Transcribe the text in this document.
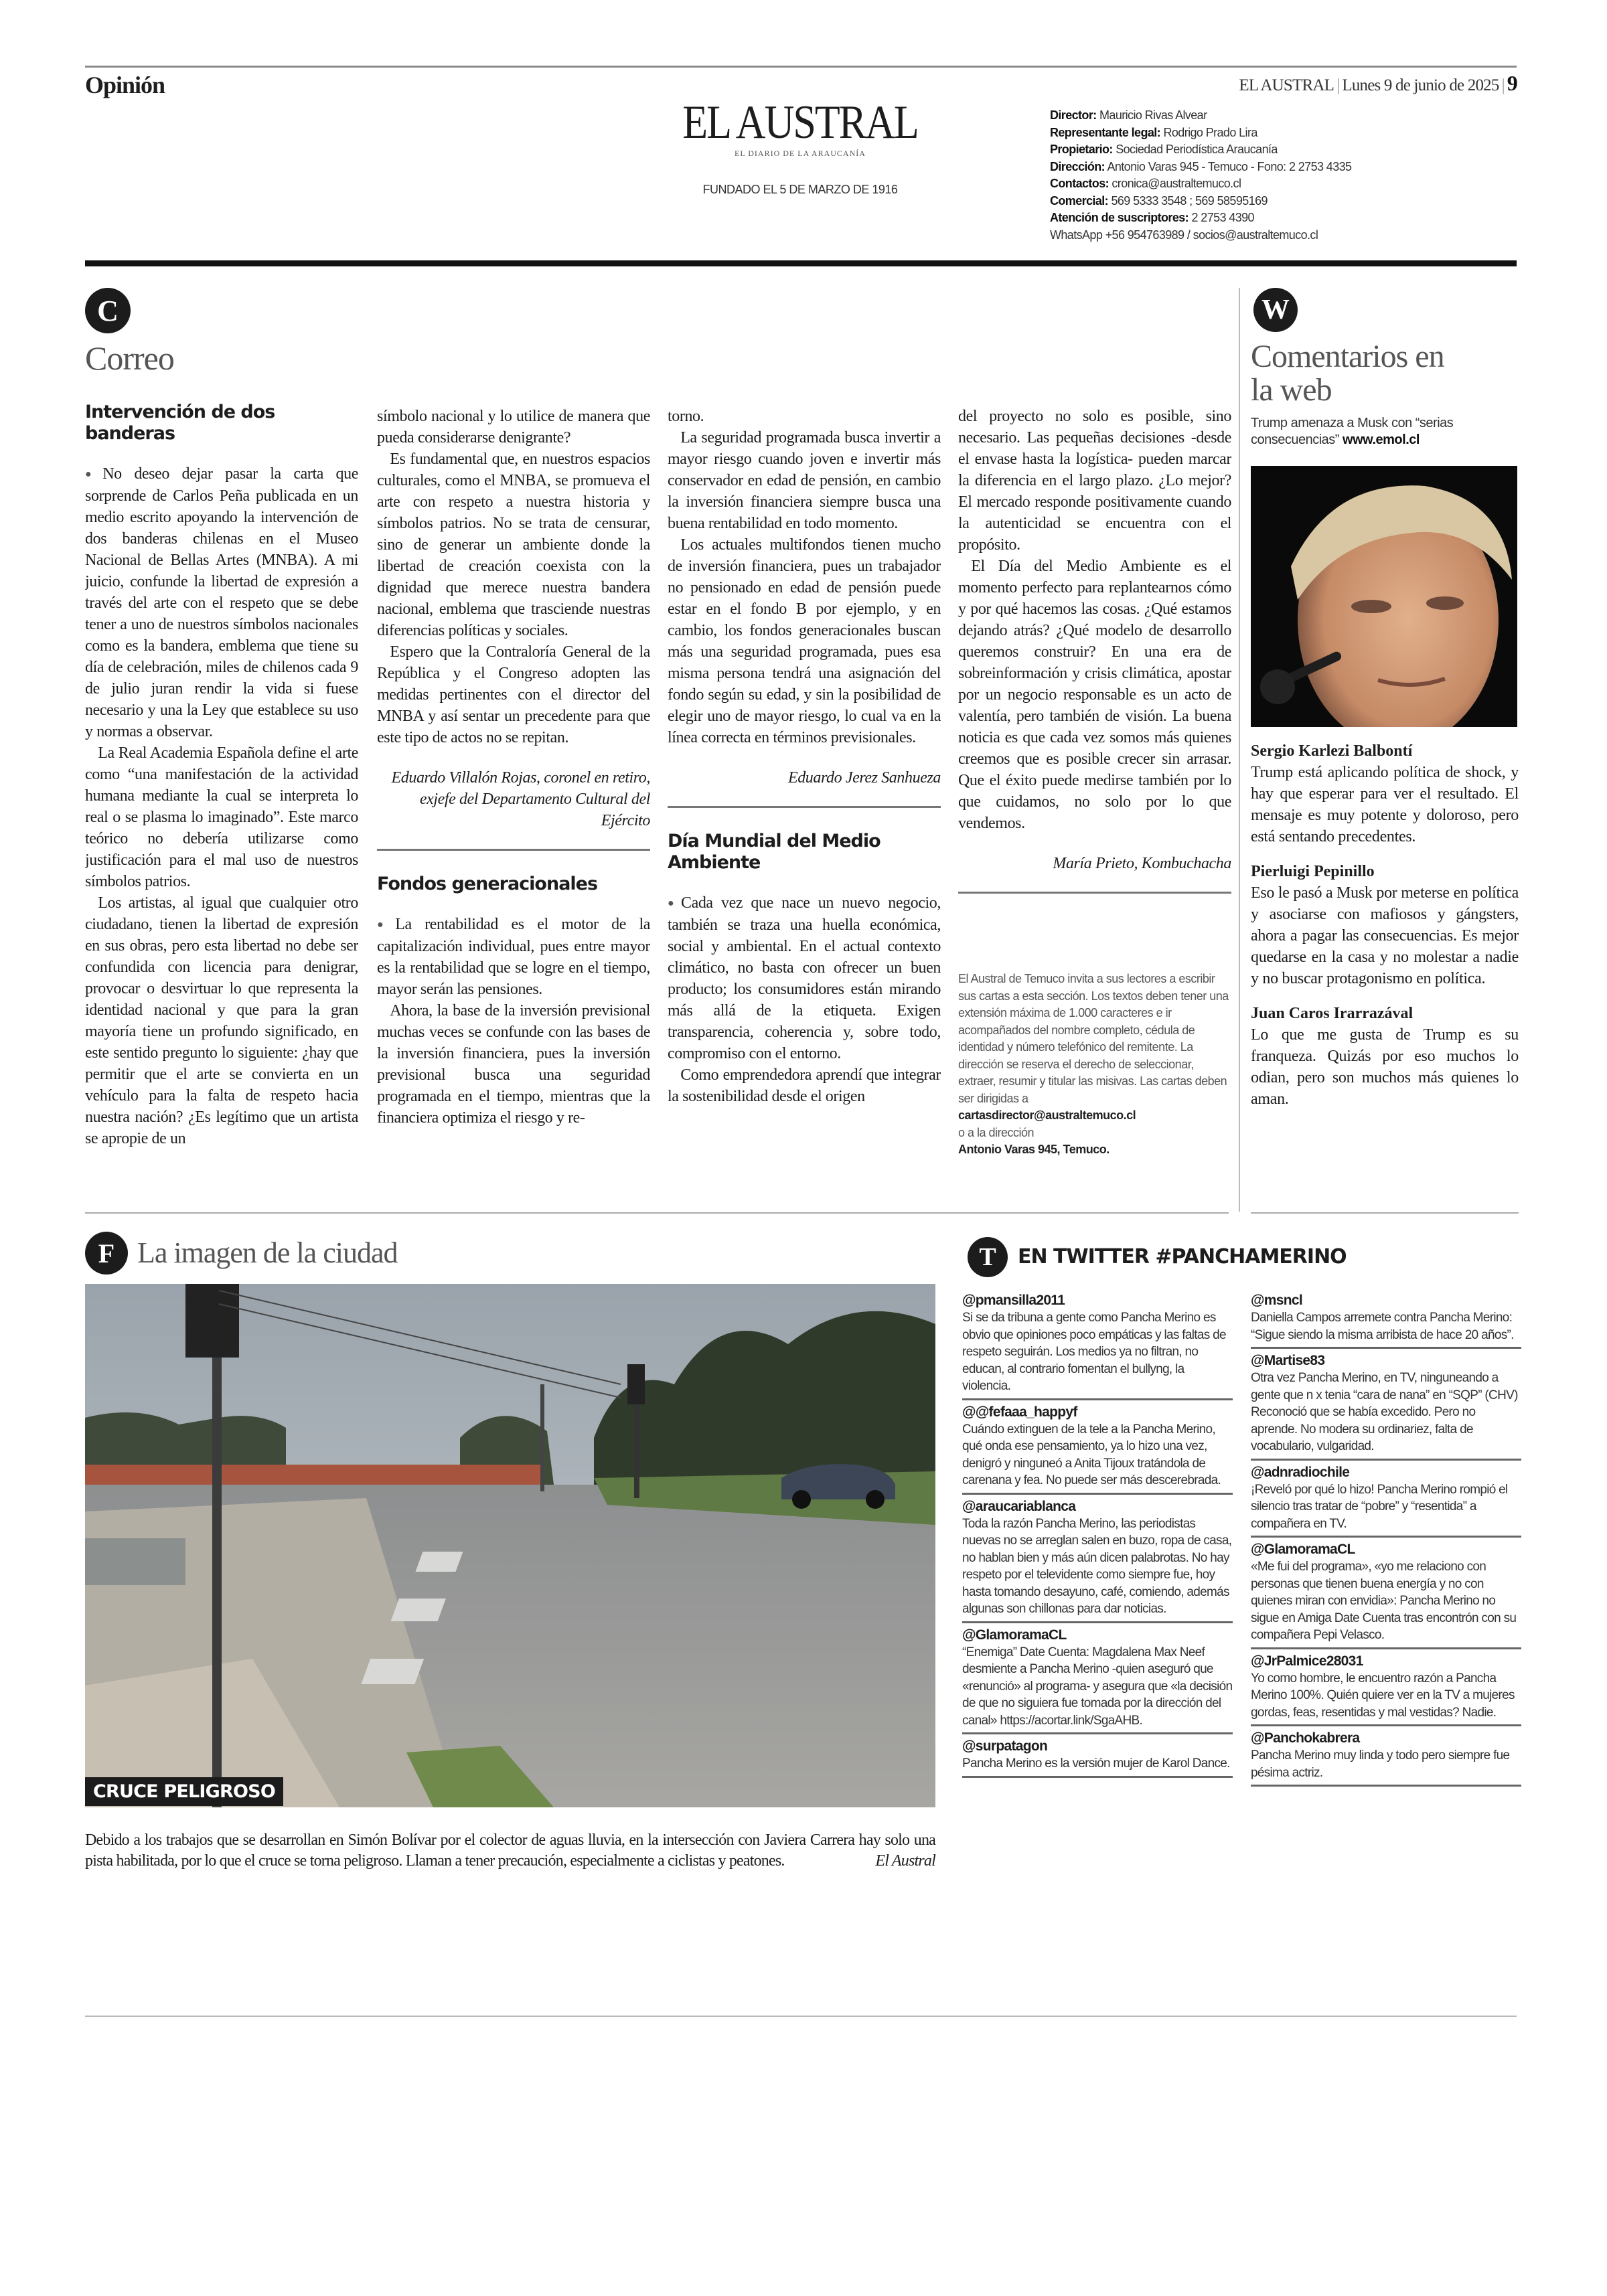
Opinión	EL AUSTRAL | Lunes 9 de junio de 2025 | 9
EL AUSTRAL
EL DIARIO DE LA ARAUCANÍA
FUNDADO EL 5 DE MARZO DE 1916
Director: Mauricio Rivas Alvear
Representante legal: Rodrigo Prado Lira
Propietario: Sociedad Periodística Araucanía
Dirección: Antonio Varas 945 - Temuco - Fono: 2 2753 4335
Contactos: cronica@australtemuco.cl
Comercial: 569 5333 3548 ; 569 58595169
Atención de suscriptores: 2 2753 4390
WhatsApp +56 954763989 / socios@australtemuco.cl
C
Correo
Intervención de dos banderas

● No deseo dejar pasar la carta que sorprende de Carlos Peña publicada en un medio escrito apoyando la intervención de dos banderas chilenas en el Museo Nacional de Bellas Artes (MNBA). A mi juicio, confunde la libertad de expresión a través del arte con el respeto que se debe tener a uno de nuestros símbolos nacionales como es la bandera, emblema que tiene su día de celebración, miles de chilenos cada 9 de julio juran rendir la vida si fuese necesario y una la Ley que establece su uso y normas a observar.

La Real Academia Española define el arte como “una manifestación de la actividad humana mediante la cual se interpreta lo real o se plasma lo imaginado”. Este marco teórico no debería utilizarse como justificación para el mal uso de nuestros símbolos patrios.

Los artistas, al igual que cualquier otro ciudadano, tienen la libertad de expresión en sus obras, pero esta libertad no debe ser confundida con licencia para denigrar, provocar o desvirtuar lo que representa la identidad nacional y que para la gran mayoría tiene un profundo significado, en este sentido pregunto lo siguiente: ¿hay que permitir que el arte se convierta en un vehículo para la falta de respeto hacia nuestra nación? ¿Es legítimo que un artista se apropie de un

símbolo nacional y lo utilice de manera que pueda considerarse denigrante?

Es fundamental que, en nuestros espacios culturales, como el MNBA, se promueva el arte con respeto a nuestra historia y símbolos patrios. No se trata de censurar, sino de generar un ambiente donde la libertad de creación coexista con la dignidad que merece nuestra bandera nacional, emblema que trasciende nuestras diferencias políticas y sociales.

Espero que la Contraloría General de la República y el Congreso adopten las medidas pertinentes con el director del MNBA y así sentar un precedente para que este tipo de actos no se repitan.

Eduardo Villalón Rojas, coronel en retiro, exjefe del Departamento Cultural del Ejército
Fondos generacionales

● La rentabilidad es el motor de la capitalización individual, pues entre mayor es la rentabilidad que se logre en el tiempo, mayor serán las pensiones.

Ahora, la base de la inversión previsional muchas veces se confunde con las bases de la inversión financiera, pues la inversión previsional busca una seguridad programada en el tiempo, mientras que la financiera optimiza el riesgo y re-

torno.

La seguridad programada busca invertir a mayor riesgo cuando joven e invertir más conservador en edad de pensión, en cambio la inversión financiera siempre busca una buena rentabilidad en todo momento.

Los actuales multifondos tienen mucho de inversión financiera, pues un trabajador no pensionado en edad de pensión puede estar en el fondo B por ejemplo, y en cambio, los fondos generacionales buscan más una seguridad programada, pues esa misma persona tendrá una asignación del fondo según su edad, y sin la posibilidad de elegir uno de mayor riesgo, lo cual va en la línea correcta en términos previsionales.

Eduardo Jerez Sanhueza
Día Mundial del Medio Ambiente

● Cada vez que nace un nuevo negocio, también se traza una huella económica, social y ambiental. En el actual contexto climático, no basta con ofrecer un buen producto; los consumidores están mirando más allá de la etiqueta. Exigen transparencia, coherencia y, sobre todo, compromiso con el entorno.

Como emprendedora aprendí que integrar la sostenibilidad desde el origen

del proyecto no solo es posible, sino necesario. Las pequeñas decisiones -desde el envase hasta la logística- pueden marcar la diferencia en el largo plazo. ¿Lo mejor? El mercado responde positivamente cuando la autenticidad se encuentra con el propósito.

El Día del Medio Ambiente es el momento perfecto para replantearnos cómo y por qué hacemos las cosas. ¿Qué estamos dejando atrás? ¿Qué modelo de desarrollo queremos construir? En una era de sobreinformación y crisis climática, apostar por un negocio responsable es un acto de valentía, pero también de visión. La buena noticia es que cada vez somos más quienes creemos que es posible crecer sin arrasar. Que el éxito puede medirse también por lo que cuidamos, no solo por lo que vendemos.

María Prieto, Kombuchacha
El Austral de Temuco invita a sus lectores a escribir sus cartas a esta sección. Los textos deben tener una extensión máxima de 1.000 caracteres e ir acompañados del nombre completo, cédula de identidad y número telefónico del remitente. La dirección se reserva el derecho de seleccionar, extraer, resumir y titular las misivas. Las cartas deben ser dirigidas a
cartasdirector@australtemuco.cl
o a la dirección
Antonio Varas 945, Temuco.
W
Comentarios en la web
Trump amenaza a Musk con “serias consecuencias” www.emol.cl
Sergio Karlezi Balbontí
Trump está aplicando política de shock, y hay que esperar para ver el resultado. El mensaje es muy potente y doloroso, pero está sentando precedentes.
Pierluigi Pepinillo
Eso le pasó a Musk por meterse en política y asociarse con mafiosos y gángsters, ahora a pagar las consecuencias. Es mejor quedarse en la casa y no molestar a nadie y no buscar protagonismo en política.
Juan Caros Irarrazával
Lo que me gusta de Trump es su franqueza. Quizás por eso muchos lo odian, pero son muchos más quienes lo aman.
F La imagen de la ciudad
CRUCE PELIGROSO
Debido a los trabajos que se desarrollan en Simón Bolívar por el colector de aguas lluvia, en la intersección con Javiera Carrera hay solo una pista habilitada, por lo que el cruce se torna peligroso. Llaman a tener precaución, especialmente a ciclistas y peatones.	El Austral
T	EN TWITTER #PANCHAMERINO
@pmansilla2011
Si se da tribuna a gente como Pancha Merino es obvio que opiniones poco empáticas y las faltas de respeto seguirán. Los medios ya no filtran, no educan, al contrario fomentan el bullyng, la violencia.
@@fefaaa_happyf
Cuándo extinguen de la tele a la Pancha Merino, qué onda ese pensamiento, ya lo hizo una vez, denigró y ninguneó a Anita Tijoux tratándola de carenana y fea. No puede ser más descerebrada.
@araucariablanca
Toda la razón Pancha Merino, las periodistas nuevas no se arreglan salen en buzo, ropa de casa, no hablan bien y más aún dicen palabrotas. No hay respeto por el televidente como siempre fue, hoy hasta tomando desayuno, café, comiendo, además algunas son chillonas para dar noticias.
@GlamoramaCL
“Enemiga” Date Cuenta: Magdalena Max Neef desmiente a Pancha Merino -quien aseguró que «renunció» al programa- y asegura que «la decisión de que no siguiera fue tomada por la dirección del canal» https://acortar.link/SgaAHB.
@surpatagon
Pancha Merino es la versión mujer de Karol Dance.
@msncl
Daniella Campos arremete contra Pancha Merino: “Sigue siendo la misma arribista de hace 20 años”.
@Martise83
Otra vez Pancha Merino, en TV, ninguneando a gente que n x tenia “cara de nana” en “SQP” (CHV) Reconoció que se había excedido. Pero no aprende. No modera su ordinariez, falta de vocabulario, vulgaridad.
@adnradiochile
¡Reveló por qué lo hizo! Pancha Merino rompió el silencio tras tratar de “pobre” y “resentida” a compañera en TV.
@GlamoramaCL
«Me fui del programa», «yo me relaciono con personas que tienen buena energía y no con quienes miran con envidia»: Pancha Merino no sigue en Amiga Date Cuenta tras encontrón con su compañera Pepi Velasco.
@JrPalmice28031
Yo como hombre, le encuentro razón a Pancha Merino 100%. Quién quiere ver en la TV a mujeres gordas, feas, resentidas y mal vestidas? Nadie.
@Panchokabrera
Pancha Merino muy linda y todo pero siempre fue pésima actriz.
